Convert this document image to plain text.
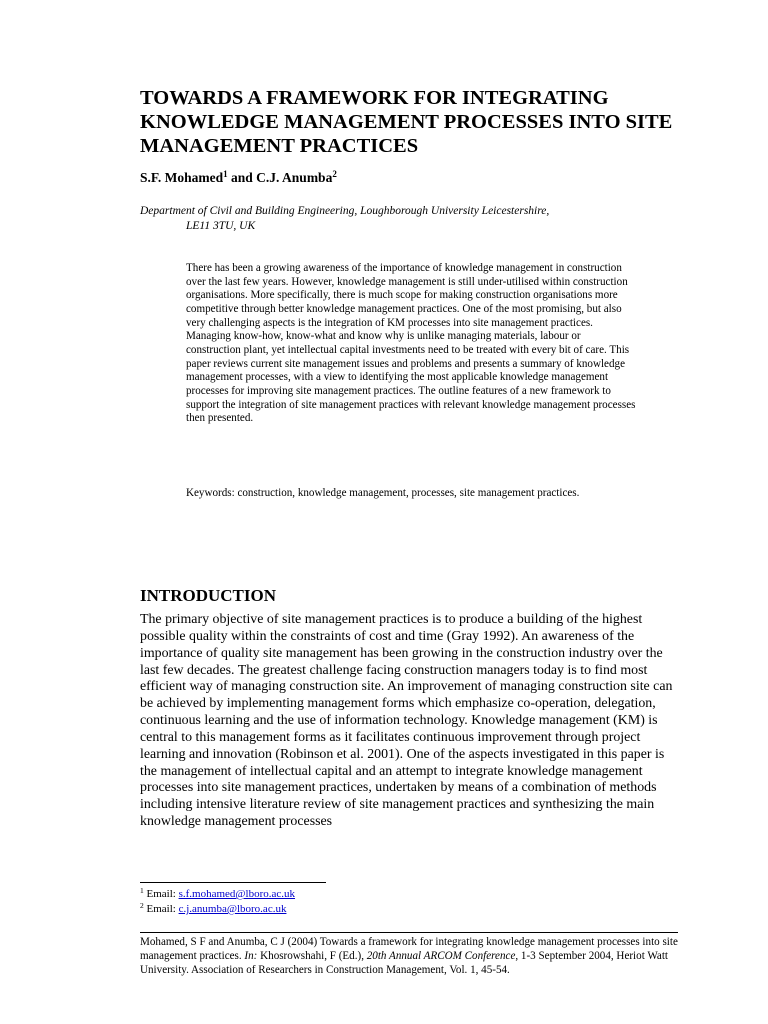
TOWARDS A FRAMEWORK FOR INTEGRATING KNOWLEDGE MANAGEMENT PROCESSES INTO SITE MANAGEMENT PRACTICES

S.F. Mohamed$^1$ and C.J. Anumba$^2$

Department of Civil and Building Engineering, Loughborough University Leicestershire,
LE11 3TU, UK

There has been a growing awareness of the importance of knowledge management in construction over the last few years. However, knowledge management is still under-utilised within construction organisations. More specifically, there is much scope for making construction organisations more competitive through better knowledge management practices. One of the most promising, but also very challenging aspects is the integration of KM processes into site management practices. Managing know-how, know-what and know why is unlike managing materials, labour or construction plant, yet intellectual capital investments need to be treated with every bit of care. This paper reviews current site management issues and problems and presents a summary of knowledge management processes, with a view to identifying the most applicable knowledge management processes for improving site management practices. The outline features of a new framework to support the integration of site management practices with relevant knowledge management processes then presented.

Keywords: construction, knowledge management, processes, site management practices.

INTRODUCTION

The primary objective of site management practices is to produce a building of the highest possible quality within the constraints of cost and time (Gray 1992). An awareness of the importance of quality site management has been growing in the construction industry over the last few decades. The greatest challenge facing construction managers today is to find most efficient way of managing construction site. An improvement of managing construction site can be achieved by implementing management forms which emphasize co-operation, delegation, continuous learning and the use of information technology. Knowledge management (KM) is central to this management forms as it facilitates continuous improvement through project learning and innovation (Robinson et al. 2001). One of the aspects investigated in this paper is the management of intellectual capital and an attempt to integrate knowledge management processes into site management practices, undertaken by means of a combination of methods including intensive literature review of site management practices and synthesizing the main knowledge management processes

$^1$ Email: s.f.mohamed@lboro.ac.uk
$^2$ Email: c.j.anumba@lboro.ac.uk

Mohamed, S F and Anumba, C J (2004) Towards a framework for integrating knowledge management processes into site management practices. In: Khosrowshahi, F (Ed.), 20th Annual ARCOM Conference, 1-3 September 2004, Heriot Watt University. Association of Researchers in Construction Management, Vol. 1, 45-54.
